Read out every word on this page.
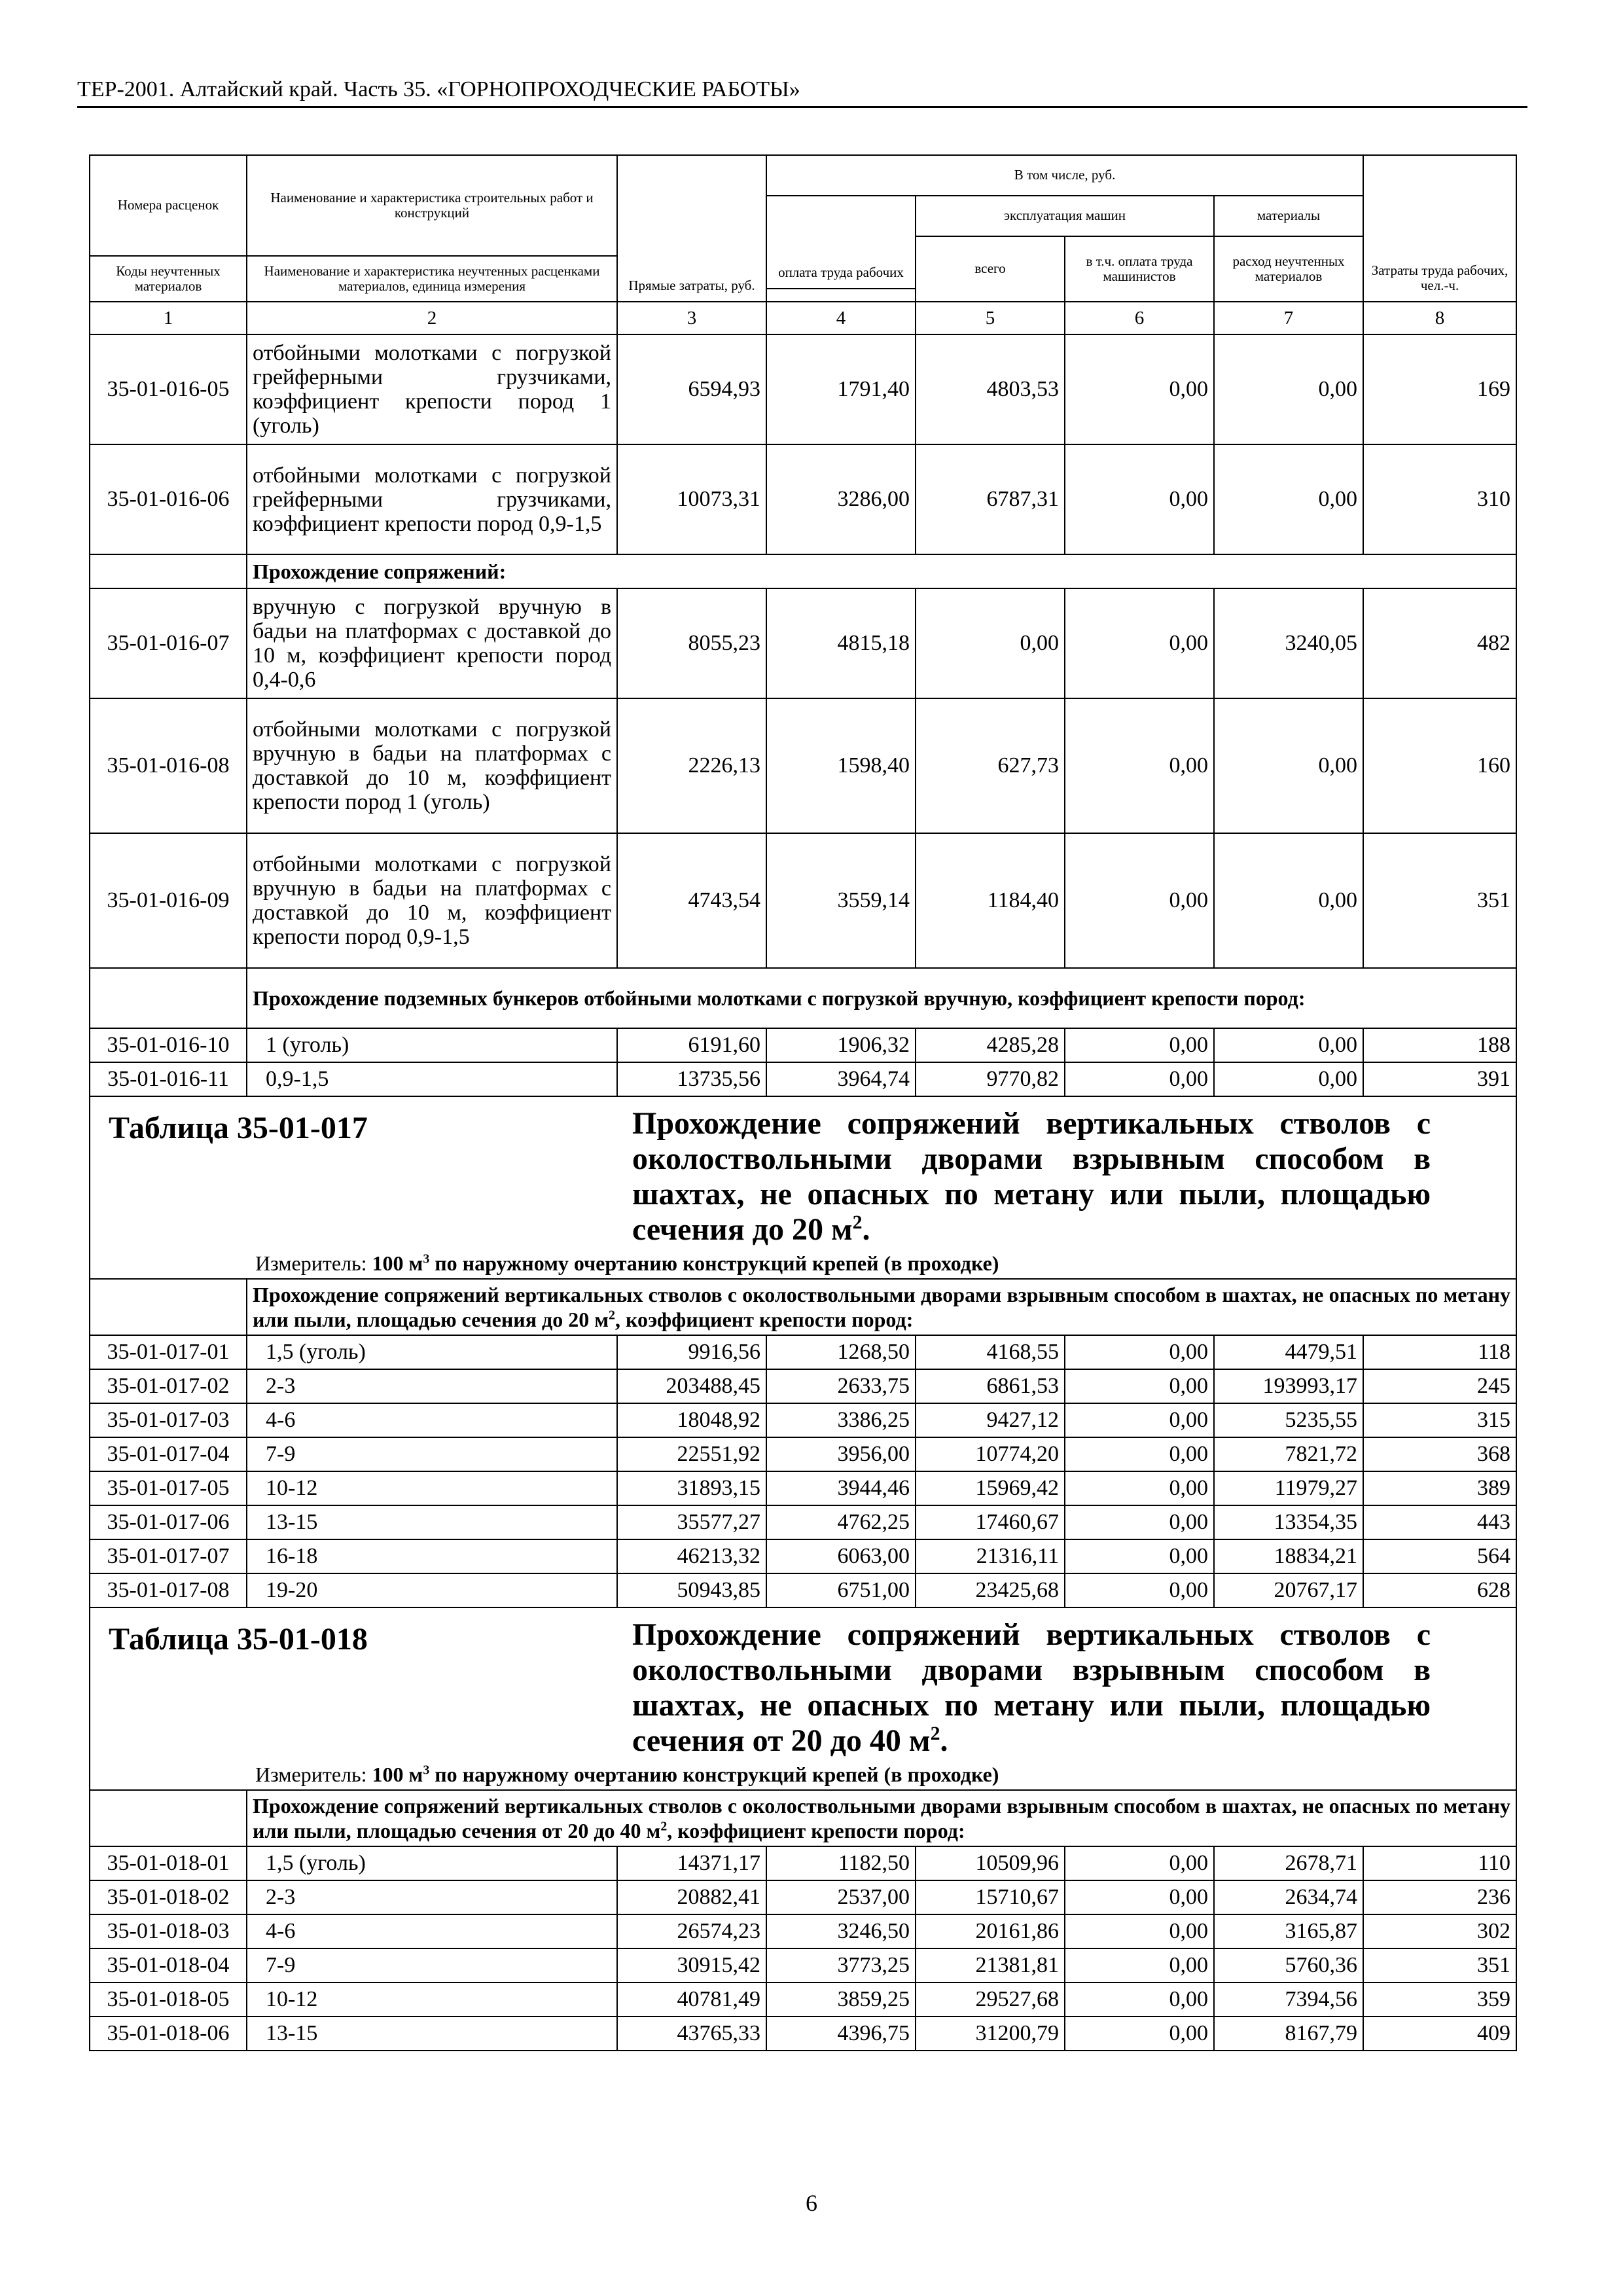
ТЕР-2001. Алтайский край. Часть 35. «ГОРНОПРОХОДЧЕСКИЕ РАБОТЫ»
Номера расценок	Наименование и характеристика строительных работ и конструкций	Прямые затраты, руб.	В том числе, руб.				Затраты труда рабочих, чел.-ч.
			оплата труда рабочих	эксплуатация машин		материалы	
				всего	в т.ч. оплата труда машинистов	расход неучтенных материалов	
Коды неучтенных материалов	Наименование и характеристика неучтенных расценками материалов, единица измерения						

1	2	3	4	5	6	7	8
35-01-016-05	отбойными молотками с погрузкой грейферными грузчиками, коэффициент крепости пород 1 (уголь)	6594,93	1791,40	4803,53	0,00	0,00	169
35-01-016-06	отбойными молотками с погрузкой грейферными грузчиками, коэффициент крепости пород 0,9-1,5	10073,31	3286,00	6787,31	0,00	0,00	310
	Прохождение сопряжений:						
35-01-016-07	вручную с погрузкой вручную в бадьи на платформах с доставкой до 10 м, коэффициент крепости пород 0,4-0,6	8055,23	4815,18	0,00	0,00	3240,05	482
35-01-016-08	отбойными молотками с погрузкой вручную в бадьи на платформах с доставкой до 10 м, коэффициент крепости пород 1 (уголь)	2226,13	1598,40	627,73	0,00	0,00	160
35-01-016-09	отбойными молотками с погрузкой вручную в бадьи на платформах с доставкой до 10 м, коэффициент крепости пород 0,9-1,5	4743,54	3559,14	1184,40	0,00	0,00	351
	Прохождение подземных бункеров отбойными молотками с погрузкой вручную, коэффициент крепости пород:						
35-01-016-10	1 (уголь)	6191,60	1906,32	4285,28	0,00	0,00	188
35-01-016-11	0,9-1,5	13735,56	3964,74	9770,82	0,00	0,00	391

Таблица 35-01-017 Прохождение сопряжений вертикальных стволов с околоствольными дворами взрывным способом в шахтах, не опасных по метану или пыли, площадью сечения до 20 $м^2$.
Измеритель: 100 $м^3$ по наружному очертанию конструкций крепей (в проходке)							

	Прохождение сопряжений вертикальных стволов с околоствольными дворами взрывным способом в шахтах, не опасных по метану или пыли, площадью сечения до 20 $м^2$, коэффициент крепости пород:						
35-01-017-01	1,5 (уголь)	9916,56	1268,50	4168,55	0,00	4479,51	118
35-01-017-02	2-3	203488,45	2633,75	6861,53	0,00	193993,17	245
35-01-017-03	4-6	18048,92	3386,25	9427,12	0,00	5235,55	315
35-01-017-04	7-9	22551,92	3956,00	10774,20	0,00	7821,72	368
35-01-017-05	10-12	31893,15	3944,46	15969,42	0,00	11979,27	389
35-01-017-06	13-15	35577,27	4762,25	17460,67	0,00	13354,35	443
35-01-017-07	16-18	46213,32	6063,00	21316,11	0,00	18834,21	564
35-01-017-08	19-20	50943,85	6751,00	23425,68	0,00	20767,17	628

Таблица 35-01-018 Прохождение сопряжений вертикальных стволов с околоствольными дворами взрывным способом в шахтах, не опасных по метану или пыли, площадью сечения от 20 до 40 $м^2$.
Измеритель: 100 $м^3$ по наружному очертанию конструкций крепей (в проходке)							

	Прохождение сопряжений вертикальных стволов с околоствольными дворами взрывным способом в шахтах, не опасных по метану или пыли, площадью сечения от 20 до 40 $м^2$, коэффициент крепости пород:						
35-01-018-01	1,5 (уголь)	14371,17	1182,50	10509,96	0,00	2678,71	110
35-01-018-02	2-3	20882,41	2537,00	15710,67	0,00	2634,74	236
35-01-018-03	4-6	26574,23	3246,50	20161,86	0,00	3165,87	302
35-01-018-04	7-9	30915,42	3773,25	21381,81	0,00	5760,36	351
35-01-018-05	10-12	40781,49	3859,25	29527,68	0,00	7394,56	359
35-01-018-06	13-15	43765,33	4396,75	31200,79	0,00	8167,79	409
6
